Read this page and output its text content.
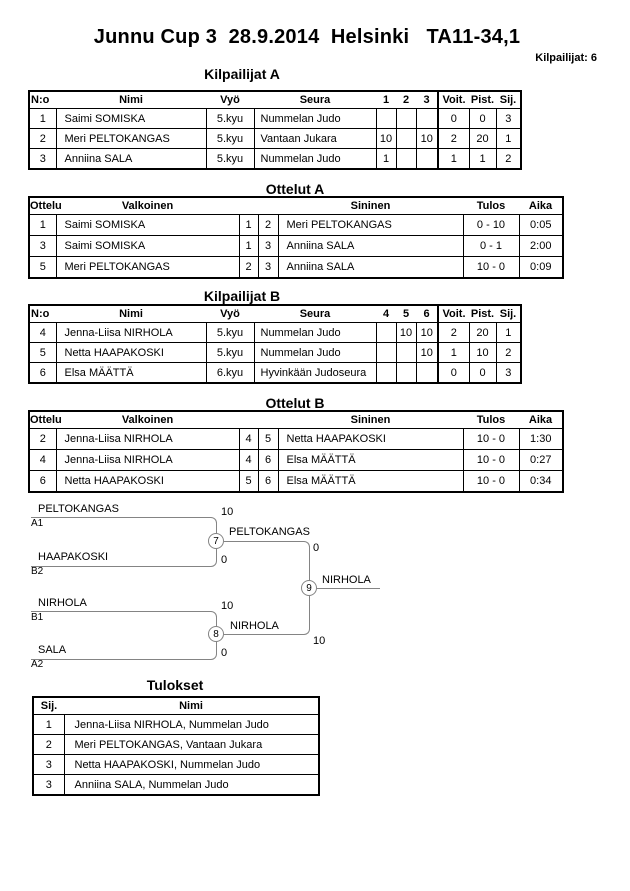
Junnu Cup 3  28.9.2014  Helsinki   TA11-34,1
Kilpailijat: 6
Kilpailijat A
N:o	Nimi	Vyö	Seura	1	2	3	Voit.	Pist.	Sij.
1	Saimi SOMISKA	5.kyu	Nummelan Judo				0	0	3
2	Meri PELTOKANGAS	5.kyu	Vantaan Jukara	10		10	2	20	1
3	Anniina SALA	5.kyu	Nummelan Judo	1			1	1	2
Ottelut A
Ottelu	Valkoinen			Sininen	Tulos	Aika
1	Saimi SOMISKA	1	2	Meri PELTOKANGAS	0 - 10	0:05
3	Saimi SOMISKA	1	3	Anniina SALA	0 - 1	2:00
5	Meri PELTOKANGAS	2	3	Anniina SALA	10 - 0	0:09
Kilpailijat B
N:o	Nimi	Vyö	Seura	4	5	6	Voit.	Pist.	Sij.
4	Jenna-Liisa NIRHOLA	5.kyu	Nummelan Judo		10	10	2	20	1
5	Netta HAAPAKOSKI	5.kyu	Nummelan Judo			10	1	10	2
6	Elsa MÄÄTTÄ	6.kyu	Hyvinkään Judoseura				0	0	3
Ottelut B
Ottelu	Valkoinen			Sininen	Tulos	Aika
2	Jenna-Liisa NIRHOLA	4	5	Netta HAAPAKOSKI	10 - 0	1:30
4	Jenna-Liisa NIRHOLA	4	6	Elsa MÄÄTTÄ	10 - 0	0:27
6	Netta HAAPAKOSKI	5	6	Elsa MÄÄTTÄ	10 - 0	0:34
7
8
9
PELTOKANGAS
A1
10
HAAPAKOSKI
B2
0
PELTOKANGAS
0
NIRHOLA
B1
10
SALA
A2
0
NIRHOLA
10
NIRHOLA
Tulokset
Sij.	Nimi
1	Jenna-Liisa NIRHOLA, Nummelan Judo
2	Meri PELTOKANGAS, Vantaan Jukara
3	Netta HAAPAKOSKI, Nummelan Judo
3	Anniina SALA, Nummelan Judo
